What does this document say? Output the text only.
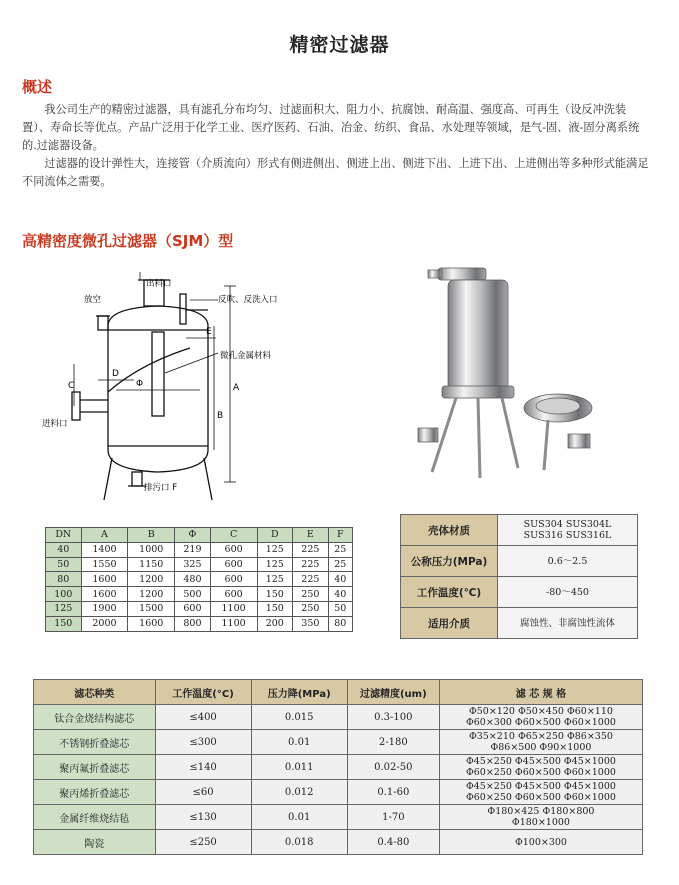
精密过滤器
概述

我公司生产的精密过滤器，具有滤孔分布均匀、过滤面积大、阻力小、抗腐蚀、耐高温、强度高、可再生（设反冲洗装置）、寿命长等优点。产品广泛用于化学工业、医疗医药、石油、冶金、纺织、食品、水处理等领域，是气-固、液-固分离系统的.过滤器设备。

过滤器的设计弹性大，连接管（介质流向）形式有侧进侧出、侧进上出、侧进下出、上进下出、上进侧出等多种形式能满足不同流体之需要。

高精密度微孔过滤器（SJM）型
出料口
放空	反吹、反洗入口
微孔金属材料
进料口
排污口 F
A
B
C
D
E
Φ
DN	A	B	Φ	C	D	E	F
40	1400	1000	219	600	125	225	25
50	1550	1150	325	600	125	225	25
80	1600	1200	480	600	125	225	40
100	1600	1200	500	600	150	250	40
125	1900	1500	600	1100	150	250	50
150	2000	1600	800	1100	200	350	80
壳体材质	SUS304 SUS304L
SUS316 SUS316L

公称压力(MPa)	0.6～2.5

工作温度(℃)	-80～450

适用介质	腐蚀性、非腐蚀性流体
滤芯种类	工作温度(°C)	压力降(MPa)	过滤精度(um)	滤 芯 规 格
钛合金烧结构滤芯	≤400	0.015	0.3-100	Φ50×120 Φ50×450 Φ60×110
Φ60×300 Φ60×500 Φ60×1000

不锈钢折叠滤芯	≤300	0.01	2-180	Φ35×210 Φ65×250 Φ86×350
Φ86×500 Φ90×1000

聚丙氟折叠滤芯	≤140	0.011	0.02-50	Φ45×250 Φ45×500 Φ45×1000
Φ60×250 Φ60×500 Φ60×1000

聚丙烯折叠滤芯	≤60	0.012	0.1-60	Φ45×250 Φ45×500 Φ45×1000
Φ60×250 Φ60×500 Φ60×1000

金属纤维烧结毡	≤130	0.01	1-70	Φ180×425 Φ180×800
Φ180×1000

陶瓷	≤250	0.018	0.4-80	Φ100×300
